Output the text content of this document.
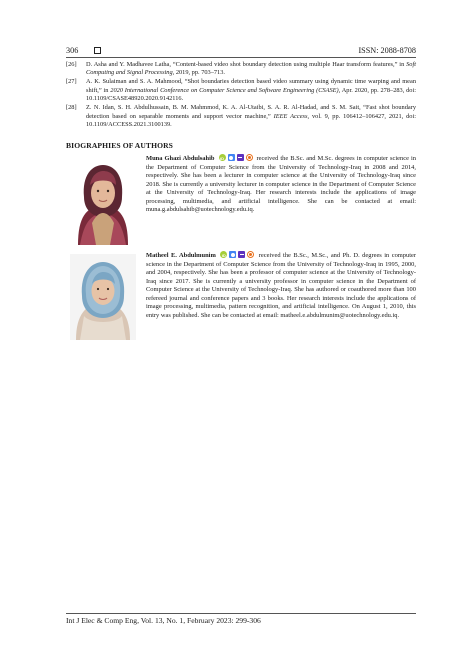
306	ISSN: 2088-8708
[26]	D. Asha and Y. Madhavee Latha, “Content-based video shot boundary detection using multiple Haar transform features,” in Soft Computing and Signal Processing, 2019, pp. 703–713.
[27]	A. K. Sulaiman and S. A. Mahmood, “Shot boundaries detection based video summary using dynamic time warping and mean shift,” in 2020 International Conference on Computer Science and Software Engineering (CSASE), Apr. 2020, pp. 278–283, doi: 10.1109/CSASE48920.2020.9142116.
[28]	Z. N. Idan, S. H. Abdulhussain, B. M. Mahmmod, K. A. Al-Utaibi, S. A. R. Al-Hadad, and S. M. Sait, “Fast shot boundary detection based on separable moments and support vector machine,” IEEE Access, vol. 9, pp. 106412–106427, 2021, doi: 10.1109/ACCESS.2021.3100139.
BIOGRAPHIES OF AUTHORS
Muna Ghazi Abdulsahib iD	received the B.Sc. and M.Sc. degrees in computer science in the Department of Computer Science from the University of Technology-Iraq in 2008 and 2014, respectively. She has been a lecturer in computer science at the University of Technology-Iraq since 2018. She is currently a university lecturer in computer science in the Department of Computer Science at the University of Technology-Iraq. Her research interests include the applications of image processing, multimedia, and artificial intelligence. She can be contacted at email: muna.g.abdulsahib@uotechnology.edu.iq.
Matheel E. Abdulmunim iD	received the B.Sc., M.Sc., and Ph. D. degrees in computer science in the Department of Computer Science from the University of Technology-Iraq in 1995, 2000, and 2004, respectively. She has been a professor of computer science at the University of Technology-Iraq since 2017. She is currently a university professor in computer science in the Department of Computer Science at the University of Technology-Iraq. She has authored or coauthored more than 100 refereed journal and conference papers and 3 books. Her research interests include the applications of image processing, multimedia, pattern recognition, and artificial intelligence. On August 1, 2010, this entry was published. She can be contacted at email: matheel.e.abdulmunim@uotechnology.edu.iq.
Int J Elec & Comp Eng, Vol. 13, No. 1, February 2023: 299-306
